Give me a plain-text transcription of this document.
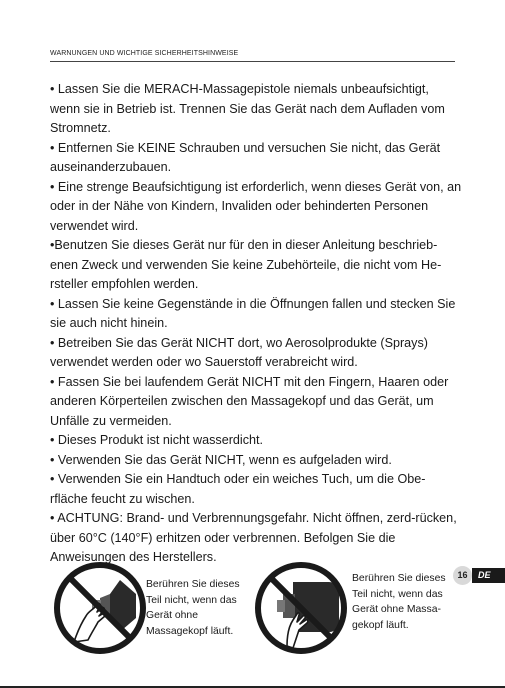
WARNUNGEN UND WICHTIGE SICHERHEITSHINWEISE

• Lassen Sie die MERACH-Massagepistole niemals unbeaufsichtigt, wenn sie in Betrieb ist. Trennen Sie das Gerät nach dem Aufladen vom Stromnetz.

• Entfernen Sie KEINE Schrauben und versuchen Sie nicht, das Gerät auseinanderzubauen.

• Eine strenge Beaufsichtigung ist erforderlich, wenn dieses Gerät von, an oder in der Nähe von Kindern, Invaliden oder behinderten Personen verwendet wird.

•Benutzen Sie dieses Gerät nur für den in dieser Anleitung beschrieb-enen Zweck und verwenden Sie keine Zubehörteile, die nicht vom He-rsteller empfohlen werden.

• Lassen Sie keine Gegenstände in die Öffnungen fallen und stecken Sie sie auch nicht hinein.

• Betreiben Sie das Gerät NICHT dort, wo Aerosolprodukte (Sprays) verwendet werden oder wo Sauerstoff verabreicht wird.

• Fassen Sie bei laufendem Gerät NICHT mit den Fingern, Haaren oder anderen Körperteilen zwischen den Massagekopf und das Gerät, um Unfälle zu vermeiden.

• Dieses Produkt ist nicht wasserdicht.

• Verwenden Sie das Gerät NICHT, wenn es aufgeladen wird.

• Verwenden Sie ein Handtuch oder ein weiches Tuch, um die Obe-rfläche feucht zu wischen.

• ACHTUNG: Brand- und Verbrennungsgefahr. Nicht öffnen, zerd-rücken, über 60°C (140°F) erhitzen oder verbrennen. Befolgen Sie die Anweisungen des Herstellers.

Berühren Sie dieses Teil nicht, wenn das Gerät ohne Massagekopf läuft.
Berühren Sie dieses Teil nicht, wenn das Gerät ohne Massa-gekopf läuft.
16	DE
